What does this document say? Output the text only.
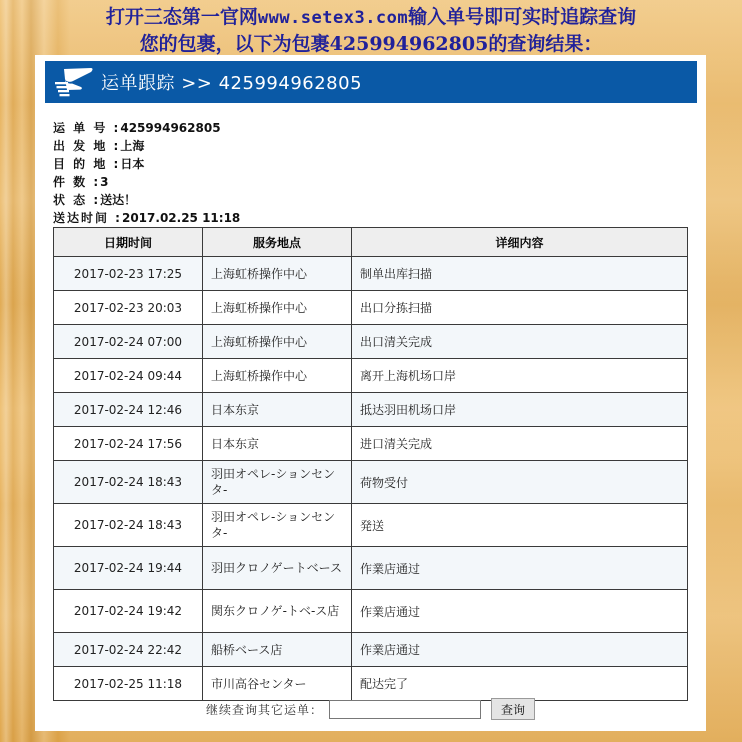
打开三态第一官网www.setex3.com输入单号即可实时追踪查询
您的包裹，以下为包裹425994962805的查询结果：
运单跟踪 >> 425994962805
运 单 号 :425994962805
出 发 地 :上海
目 的 地 :日本
件 数 :3
状 态 :送达！
送达时间 :2017.02.25 11:18
日期时间	服务地点	详细内容
2017-02-23 17:25	上海虹桥操作中心	制单出库扫描
2017-02-23 20:03	上海虹桥操作中心	出口分拣扫描
2017-02-24 07:00	上海虹桥操作中心	出口清关完成
2017-02-24 09:44	上海虹桥操作中心	离开上海机场口岸
2017-02-24 12:46	日本东京	抵达羽田机场口岸
2017-02-24 17:56	日本东京	进口清关完成
2017-02-24 18:43	羽田オペレ‐ションセンタ‐	荷物受付
2017-02-24 18:43	羽田オペレ‐ションセンタ‐	発送
2017-02-24 19:44	羽田クロノゲートベース	作業店通过
2017-02-24 19:42	関东クロノゲ‐トベ‐ス店	作業店通过
2017-02-24 22:42	船桥ベース店	作業店通过
2017-02-25 11:18	市川高谷センター	配达完了
继续查询其它运单：	查询
